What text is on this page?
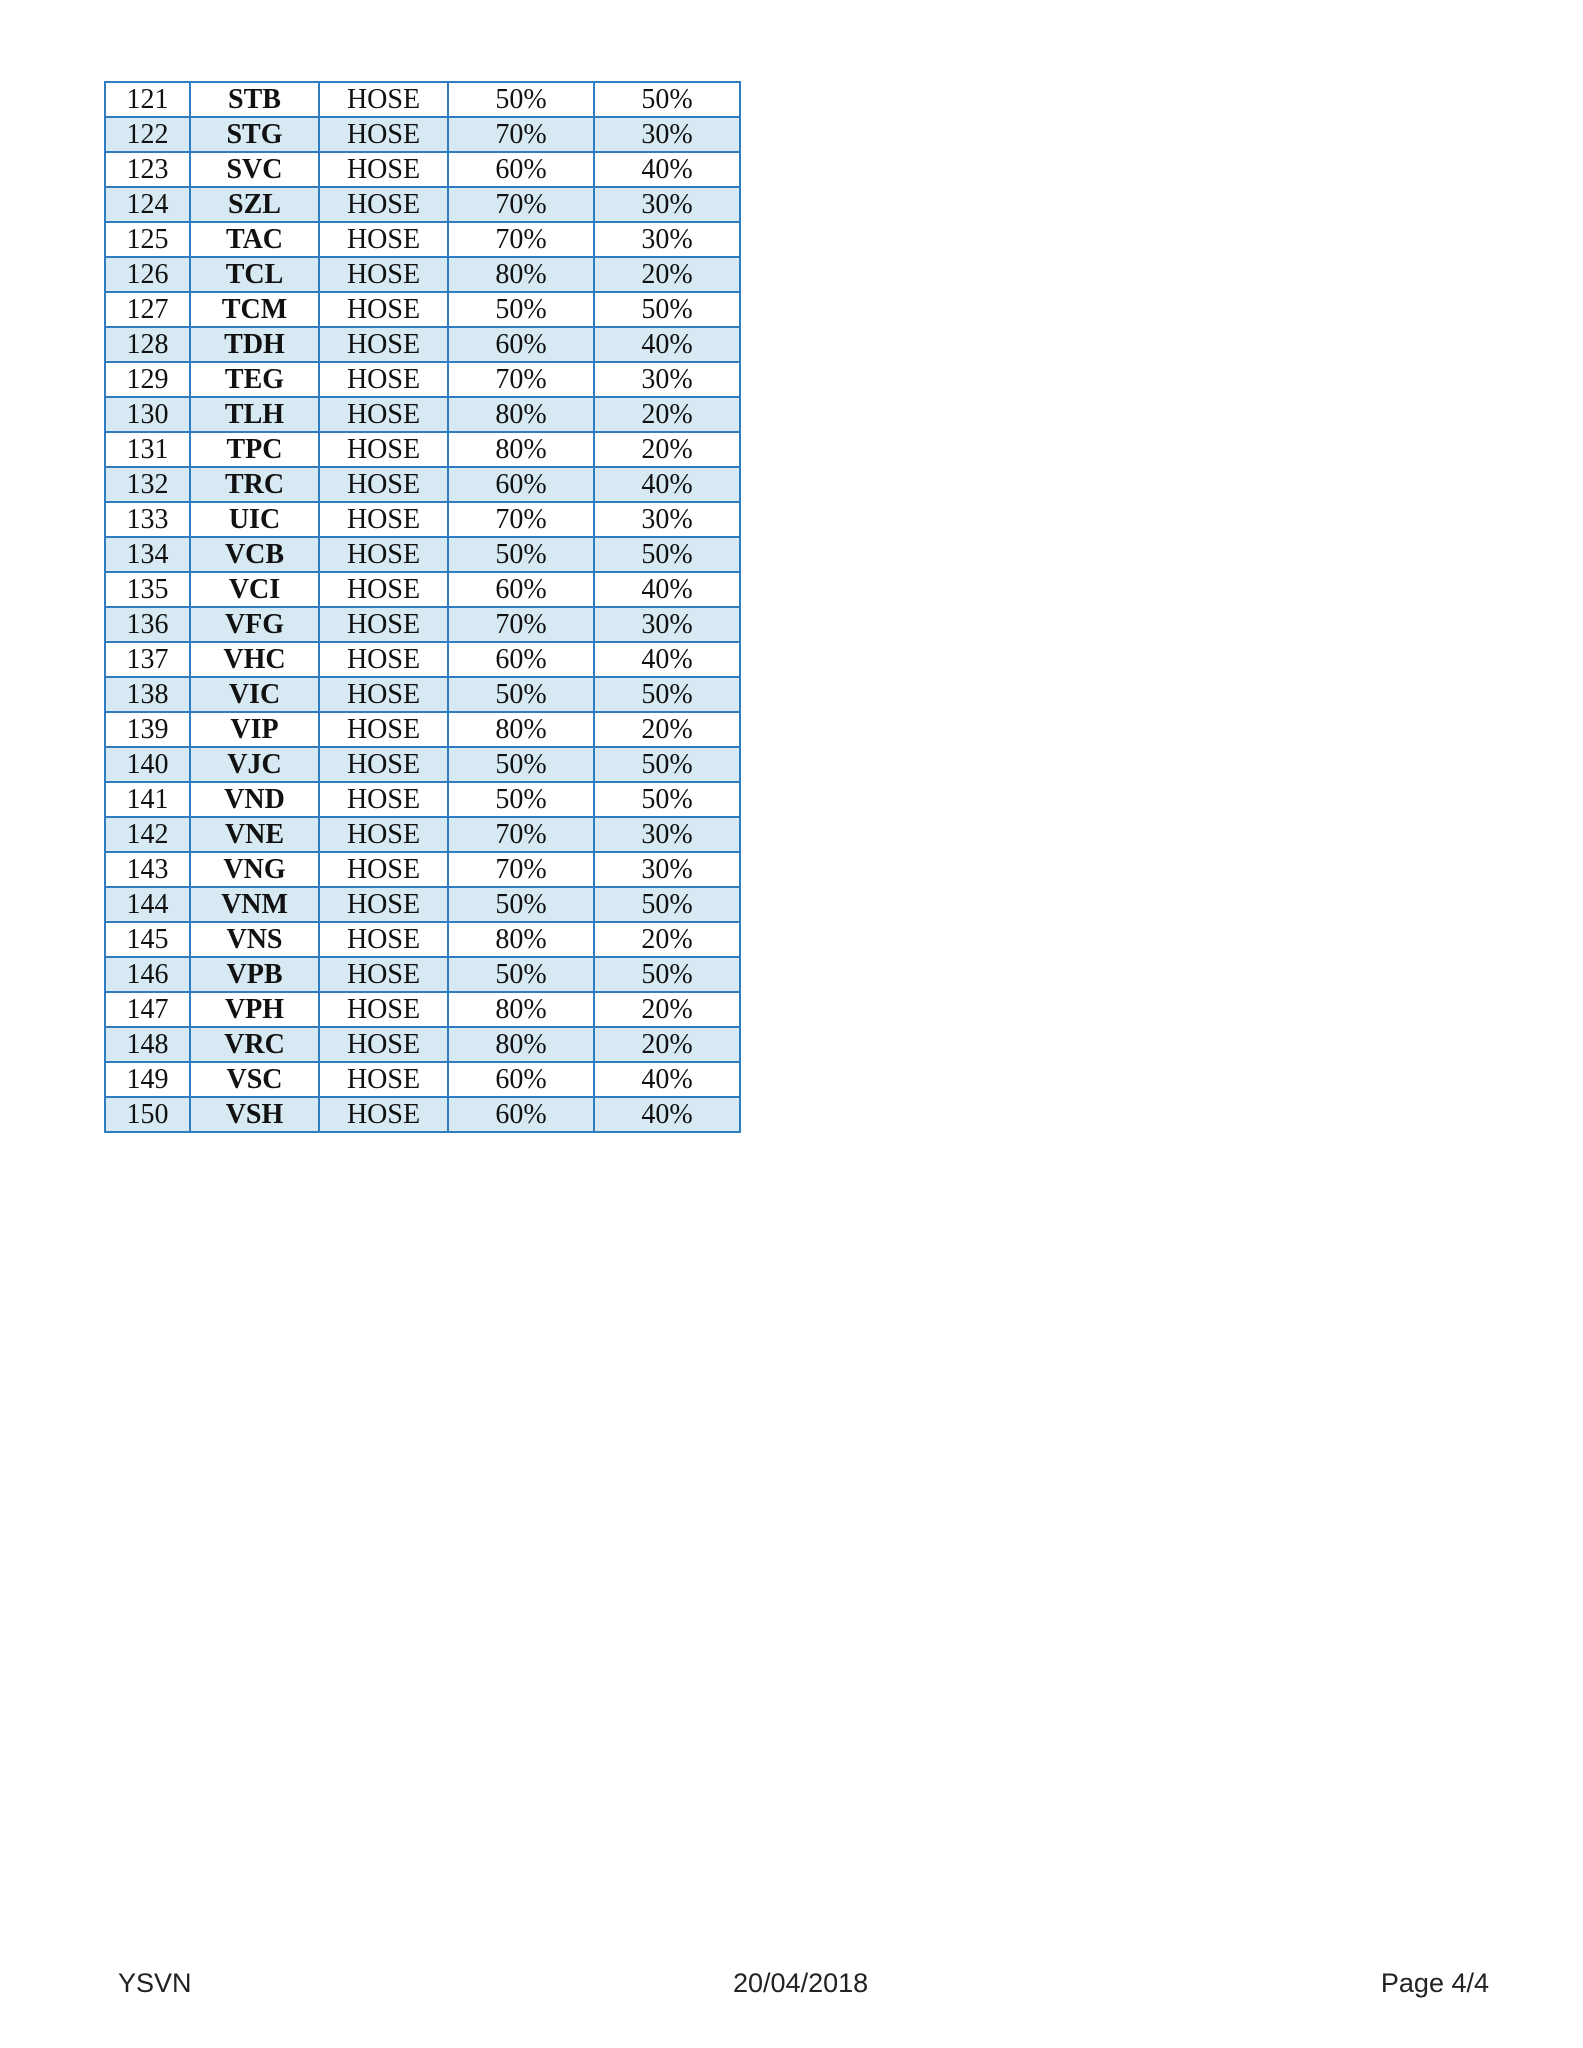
121	STB	HOSE	50%	50%
122	STG	HOSE	70%	30%
123	SVC	HOSE	60%	40%
124	SZL	HOSE	70%	30%
125	TAC	HOSE	70%	30%
126	TCL	HOSE	80%	20%
127	TCM	HOSE	50%	50%
128	TDH	HOSE	60%	40%
129	TEG	HOSE	70%	30%
130	TLH	HOSE	80%	20%
131	TPC	HOSE	80%	20%
132	TRC	HOSE	60%	40%
133	UIC	HOSE	70%	30%
134	VCB	HOSE	50%	50%
135	VCI	HOSE	60%	40%
136	VFG	HOSE	70%	30%
137	VHC	HOSE	60%	40%
138	VIC	HOSE	50%	50%
139	VIP	HOSE	80%	20%
140	VJC	HOSE	50%	50%
141	VND	HOSE	50%	50%
142	VNE	HOSE	70%	30%
143	VNG	HOSE	70%	30%
144	VNM	HOSE	50%	50%
145	VNS	HOSE	80%	20%
146	VPB	HOSE	50%	50%
147	VPH	HOSE	80%	20%
148	VRC	HOSE	80%	20%
149	VSC	HOSE	60%	40%
150	VSH	HOSE	60%	40%
YSVN	20/04/2018	Page 4/4
